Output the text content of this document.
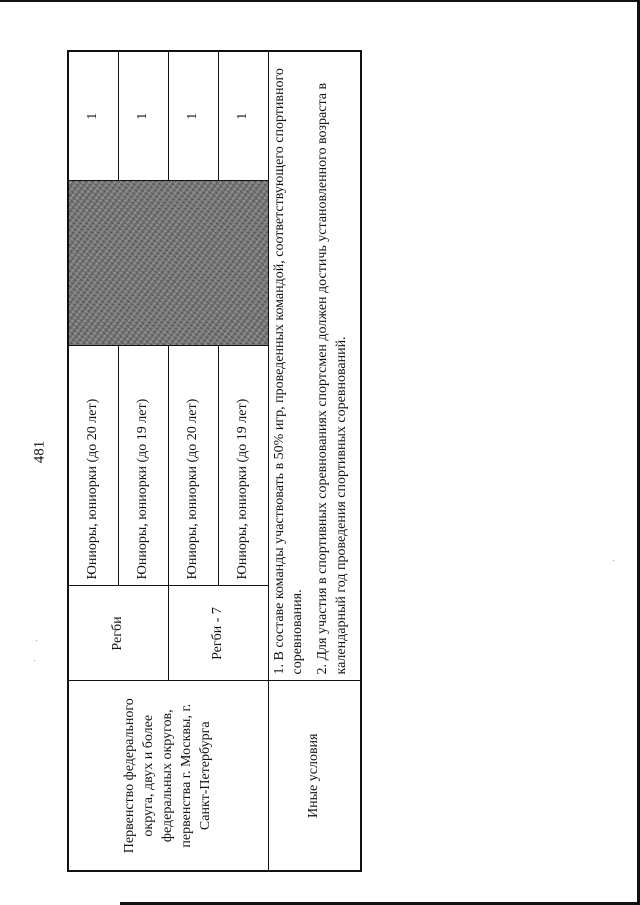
481
Первенство федерального округа, двух и более федеральных округов, первенства г. Москвы, г. Санкт-Петербурга	Регби	Юниоры, юниорки (до 20 лет)		1
		Юниоры, юниорки (до 19 лет)		1
	Регби - 7	Юниоры, юниорки (до 20 лет)		1
		Юниоры, юниорки (до 19 лет)		1
Иные условия	1. В составе команды участвовать в 50% игр, проведенных командой, соответствующего спортивного соревнования. 2. Для участия в спортивных соревнованиях спортсмен должен достичь установленного возраста в календарный год проведения спортивных соревнований.			
